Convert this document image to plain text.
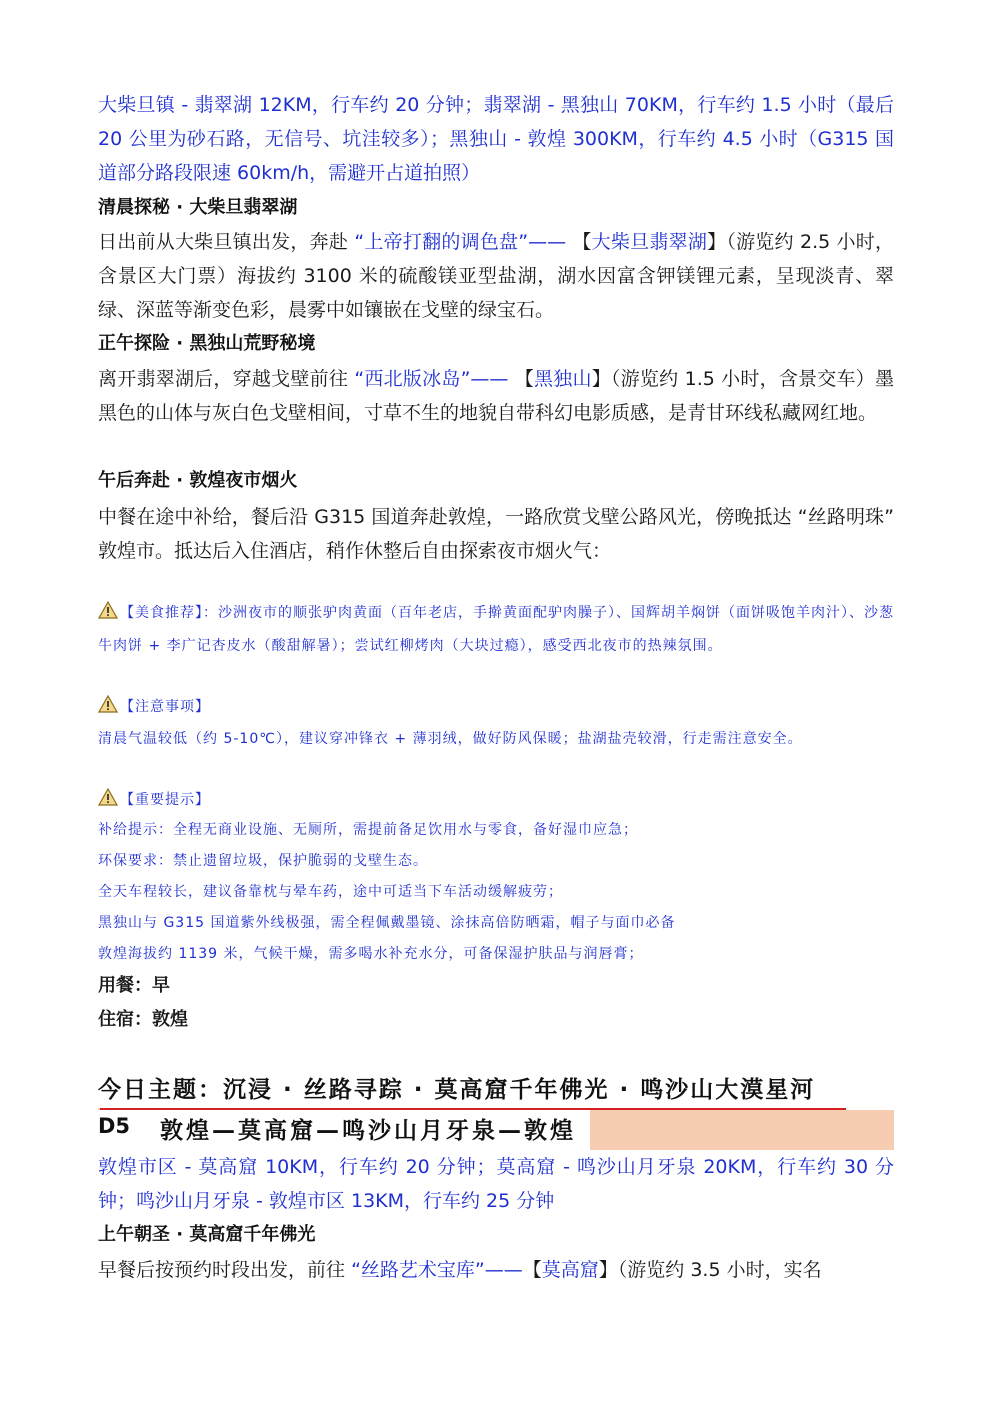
大柴旦镇 - 翡翠湖 12KM，行车约 20 分钟；翡翠湖 - 黑独山 70KM，行车约 1.5 小时（最后 20 公里为砂石路，无信号、坑洼较多）；黑独山 - 敦煌 300KM，行车约 4.5 小时（G315 国道部分路段限速 60km/h，需避开占道拍照）
清晨探秘 · 大柴旦翡翠湖
日出前从大柴旦镇出发，奔赴 “上帝打翻的调色盘”—— 【大柴旦翡翠湖】（游览约 2.5 小时，含景区大门票）海拔约 3100 米的硫酸镁亚型盐湖，湖水因富含钾镁锂元素，呈现淡青、翠绿、深蓝等渐变色彩，晨雾中如镶嵌在戈壁的绿宝石。
正午探险 · 黑独山荒野秘境
离开翡翠湖后，穿越戈壁前往 “西北版冰岛”—— 【黑独山】（游览约 1.5 小时，含景交车）墨黑色的山体与灰白色戈壁相间，寸草不生的地貌自带科幻电影质感，是青甘环线私藏网红地。
午后奔赴 · 敦煌夜市烟火
中餐在途中补给，餐后沿 G315 国道奔赴敦煌，一路欣赏戈壁公路风光，傍晚抵达 “丝路明珠” 敦煌市。抵达后入住酒店，稍作休整后自由探索夜市烟火气：
【美食推荐】：沙洲夜市的顺张驴肉黄面（百年老店，手擀黄面配驴肉臊子）、国辉胡羊焖饼（面饼吸饱羊肉汁）、沙葱牛肉饼 + 李广记杏皮水（酸甜解暑）；尝试红柳烤肉（大块过瘾），感受西北夜市的热辣氛围。
【注意事项】
清晨气温较低（约 5-10℃），建议穿冲锋衣 + 薄羽绒，做好防风保暖；盐湖盐壳较滑，行走需注意安全。
【重要提示】
补给提示：全程无商业设施、无厕所，需提前备足饮用水与零食，备好湿巾应急；
环保要求：禁止遗留垃圾，保护脆弱的戈壁生态。
全天车程较长，建议备靠枕与晕车药，途中可适当下车活动缓解疲劳；
黑独山与 G315 国道紫外线极强，需全程佩戴墨镜、涂抹高倍防晒霜，帽子与面巾必备
敦煌海拔约 1139 米，气候干燥，需多喝水补充水分，可备保湿护肤品与润唇膏；
用餐：早
住宿：敦煌
今日主题：沉浸 · 丝路寻踪 · 莫高窟千年佛光 · 鸣沙山大漠星河
D5 敦煌—莫高窟—鸣沙山月牙泉—敦煌
敦煌市区 - 莫高窟 10KM，行车约 20 分钟；莫高窟 - 鸣沙山月牙泉 20KM，行车约 30 分钟；鸣沙山月牙泉 - 敦煌市区 13KM，行车约 25 分钟
上午朝圣 · 莫高窟千年佛光
早餐后按预约时段出发，前往 “丝路艺术宝库”——【莫高窟】（游览约 3.5 小时，实名
